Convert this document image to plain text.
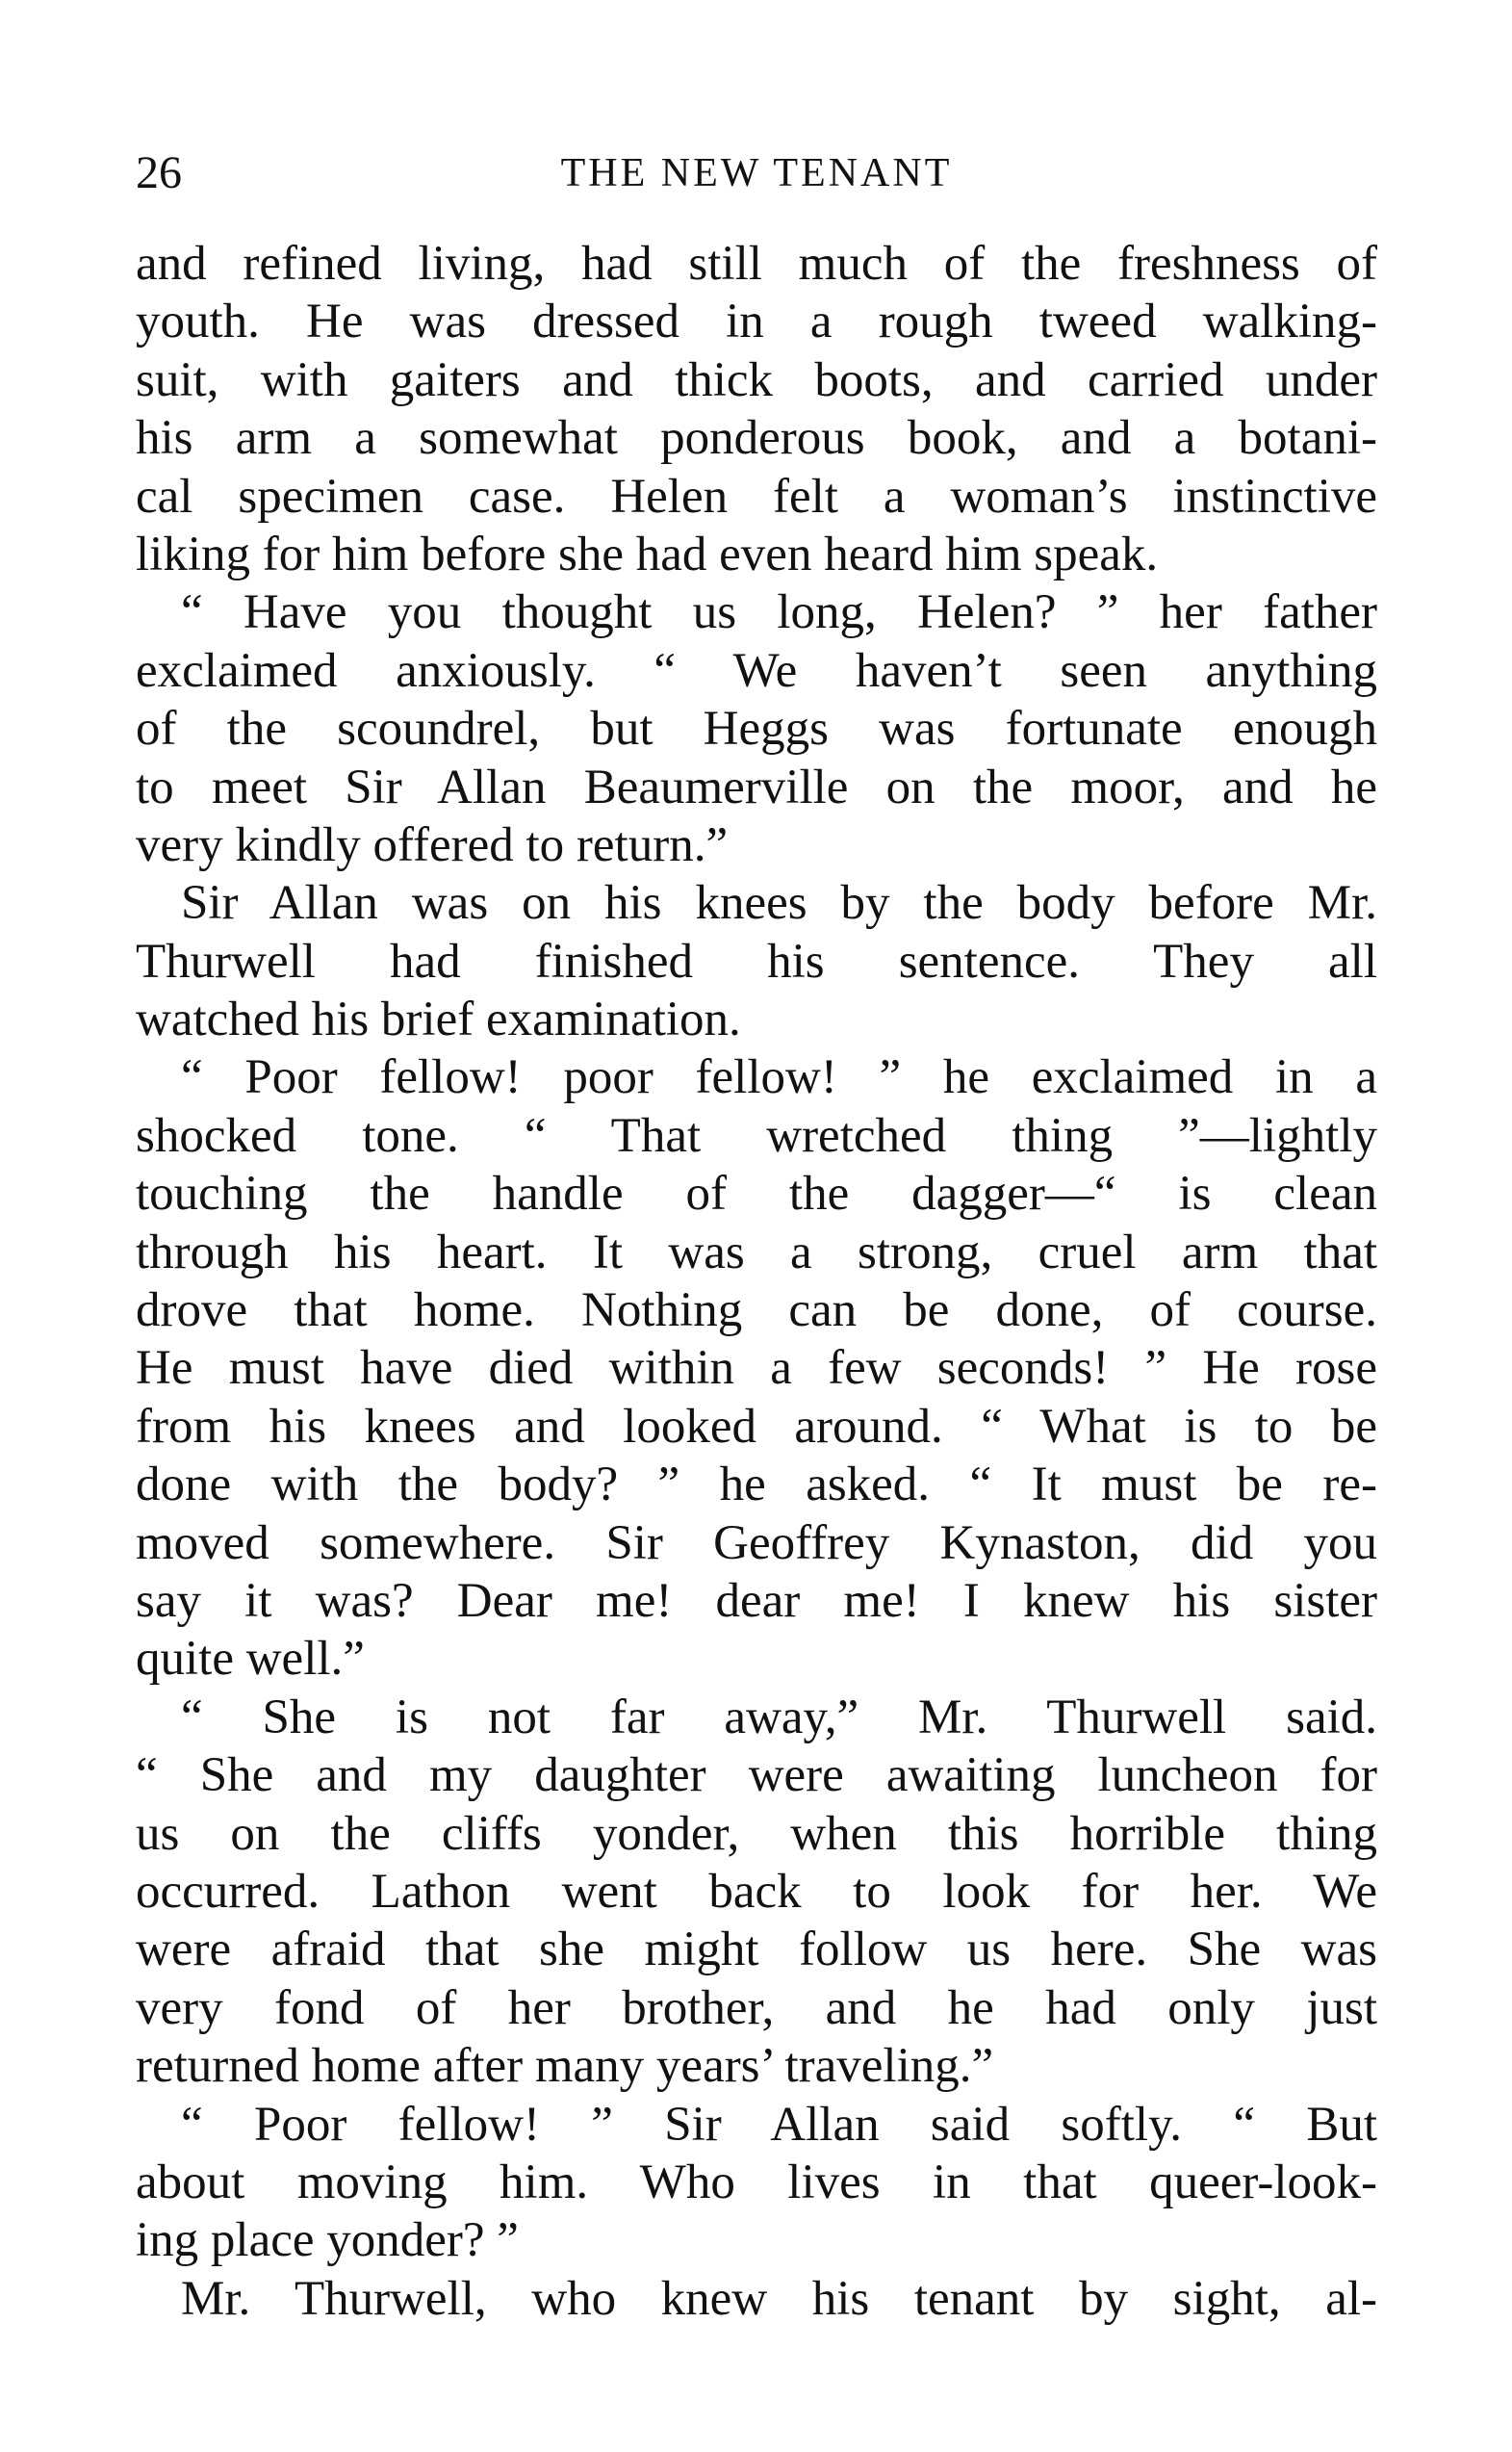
26	THE NEW TENANT
and refined living, had still much of the freshness of
youth. He was dressed in a rough tweed walking-
suit, with gaiters and thick boots, and carried under
his arm a somewhat ponderous book, and a botani-
cal specimen case. Helen felt a woman’s instinctive
liking for him before she had even heard him speak.
“ Have you thought us long, Helen? ” her father
exclaimed anxiously. “ We haven’t seen anything
of the scoundrel, but Heggs was fortunate enough
to meet Sir Allan Beaumerville on the moor, and he
very kindly offered to return.”
Sir Allan was on his knees by the body before Mr.
Thurwell had finished his sentence. They all
watched his brief examination.
“ Poor fellow! poor fellow! ” he exclaimed in a
shocked tone. “ That wretched thing ”—lightly
touching the handle of the dagger—“ is clean
through his heart. It was a strong, cruel arm that
drove that home. Nothing can be done, of course.
He must have died within a few seconds! ” He rose
from his knees and looked around. “ What is to be
done with the body? ” he asked. “ It must be re-
moved somewhere. Sir Geoffrey Kynaston, did you
say it was? Dear me! dear me! I knew his sister
quite well.”
“ She is not far away,” Mr. Thurwell said.
“ She and my daughter were awaiting luncheon for
us on the cliffs yonder, when this horrible thing
occurred. Lathon went back to look for her. We
were afraid that she might follow us here. She was
very fond of her brother, and he had only just
returned home after many years’ traveling.”
“ Poor fellow! ” Sir Allan said softly. “ But
about moving him. Who lives in that queer-look-
ing place yonder? ”
Mr. Thurwell, who knew his tenant by sight, al-
